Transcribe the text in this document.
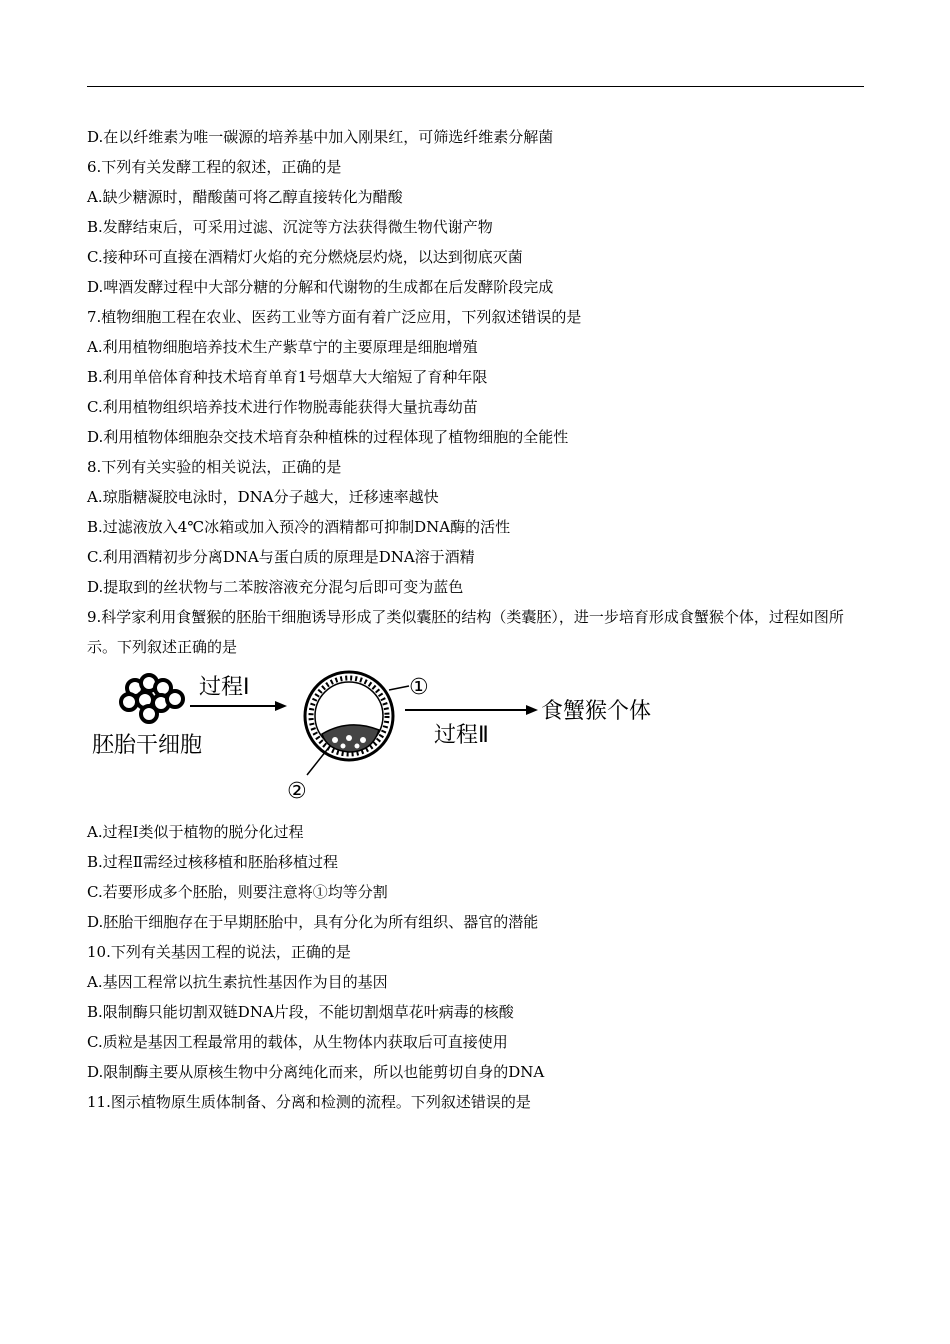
D.在以纤维素为唯一碳源的培养基中加入刚果红，可筛选纤维素分解菌
6.下列有关发酵工程的叙述，正确的是
A.缺少糖源时，醋酸菌可将乙醇直接转化为醋酸
B.发酵结束后，可采用过滤、沉淀等方法获得微生物代谢产物
C.接种环可直接在酒精灯火焰的充分燃烧层灼烧，以达到彻底灭菌
D.啤酒发酵过程中大部分糖的分解和代谢物的生成都在后发酵阶段完成
7.植物细胞工程在农业、医药工业等方面有着广泛应用，下列叙述错误的是
A.利用植物细胞培养技术生产紫草宁的主要原理是细胞增殖
B.利用单倍体育种技术培育单育1号烟草大大缩短了育种年限
C.利用植物组织培养技术进行作物脱毒能获得大量抗毒幼苗
D.利用植物体细胞杂交技术培育杂种植株的过程体现了植物细胞的全能性
8.下列有关实验的相关说法，正确的是
A.琼脂糖凝胶电泳时，DNA分子越大，迁移速率越快
B.过滤液放入4℃冰箱或加入预冷的酒精都可抑制DNA酶的活性
C.利用酒精初步分离DNA与蛋白质的原理是DNA溶于酒精
D.提取到的丝状物与二苯胺溶液充分混匀后即可变为蓝色
9.科学家利用食蟹猴的胚胎干细胞诱导形成了类似囊胚的结构（类囊胚），进一步培育形成食蟹猴个体，过程如图所示。下列叙述正确的是
胚胎干细胞
过程Ⅰ	①
②
过程Ⅱ
食蟹猴个体
A.过程Ⅰ类似于植物的脱分化过程
B.过程Ⅱ需经过核移植和胚胎移植过程
C.若要形成多个胚胎，则要注意将①均等分割
D.胚胎干细胞存在于早期胚胎中，具有分化为所有组织、器官的潜能
10.下列有关基因工程的说法，正确的是
A.基因工程常以抗生素抗性基因作为目的基因
B.限制酶只能切割双链DNA片段，不能切割烟草花叶病毒的核酸
C.质粒是基因工程最常用的载体，从生物体内获取后可直接使用
D.限制酶主要从原核生物中分离纯化而来，所以也能剪切自身的DNA
11.图示植物原生质体制备、分离和检测的流程。下列叙述错误的是
